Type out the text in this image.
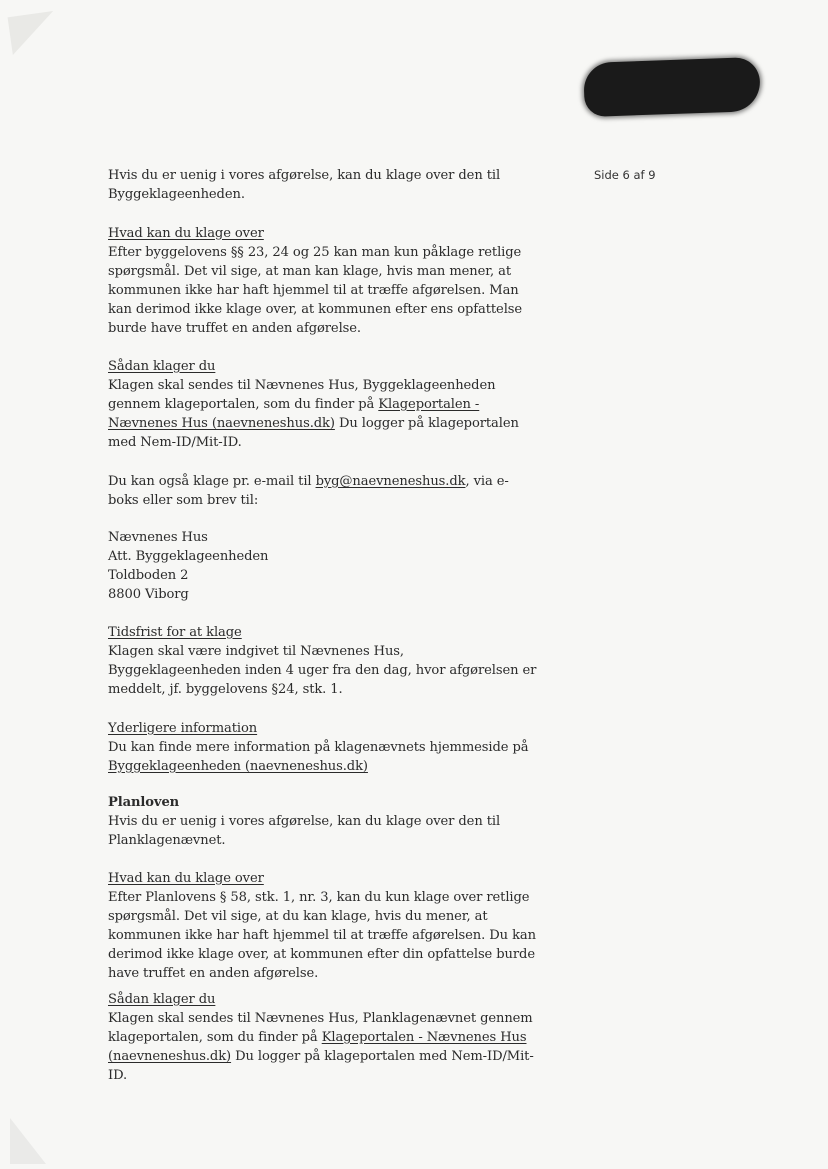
Side 6 af 9

Hvis du er uenig i vores afgørelse, kan du klage over den til Byggeklageenheden.

Hvad kan du klage over

Efter byggelovens §§ 23, 24 og 25 kan man kun påklage retlige spørgsmål. Det vil sige, at man kan klage, hvis man mener, at kommunen ikke har haft hjemmel til at træffe afgørelsen. Man kan derimod ikke klage over, at kommunen efter ens opfattelse burde have truffet en anden afgørelse.

Sådan klager du

Klagen skal sendes til Nævnenes Hus, Byggeklageenheden gennem klageportalen, som du finder på Klageportalen - Nævnenes Hus (naevneneshus.dk) Du logger på klageportalen med Nem-ID/Mit-ID.

Du kan også klage pr. e-mail til byg@naevneneshus.dk, via e-boks eller som brev til:

Nævnenes Hus
Att. Byggeklageenheden
Toldboden 2
8800 Viborg

Tidsfrist for at klage

Klagen skal være indgivet til Nævnenes Hus, Byggeklageenheden inden 4 uger fra den dag, hvor afgørelsen er meddelt, jf. byggelovens §24, stk. 1.

Yderligere information

Du kan finde mere information på klagenævnets hjemmeside på

Byggeklageenheden (naevneneshus.dk)

Planloven

Hvis du er uenig i vores afgørelse, kan du klage over den til Planklagenævnet.

Hvad kan du klage over

Efter Planlovens § 58, stk. 1, nr. 3, kan du kun klage over retlige spørgsmål. Det vil sige, at du kan klage, hvis du mener, at kommunen ikke har haft hjemmel til at træffe afgørelsen. Du kan derimod ikke klage over, at kommunen efter din opfattelse burde have truffet en anden afgørelse.

Sådan klager du

Klagen skal sendes til Nævnenes Hus, Planklagenævnet gennem klageportalen, som du finder på Klageportalen - Nævnenes Hus (naevneneshus.dk) Du logger på klageportalen med Nem-ID/Mit-ID.
